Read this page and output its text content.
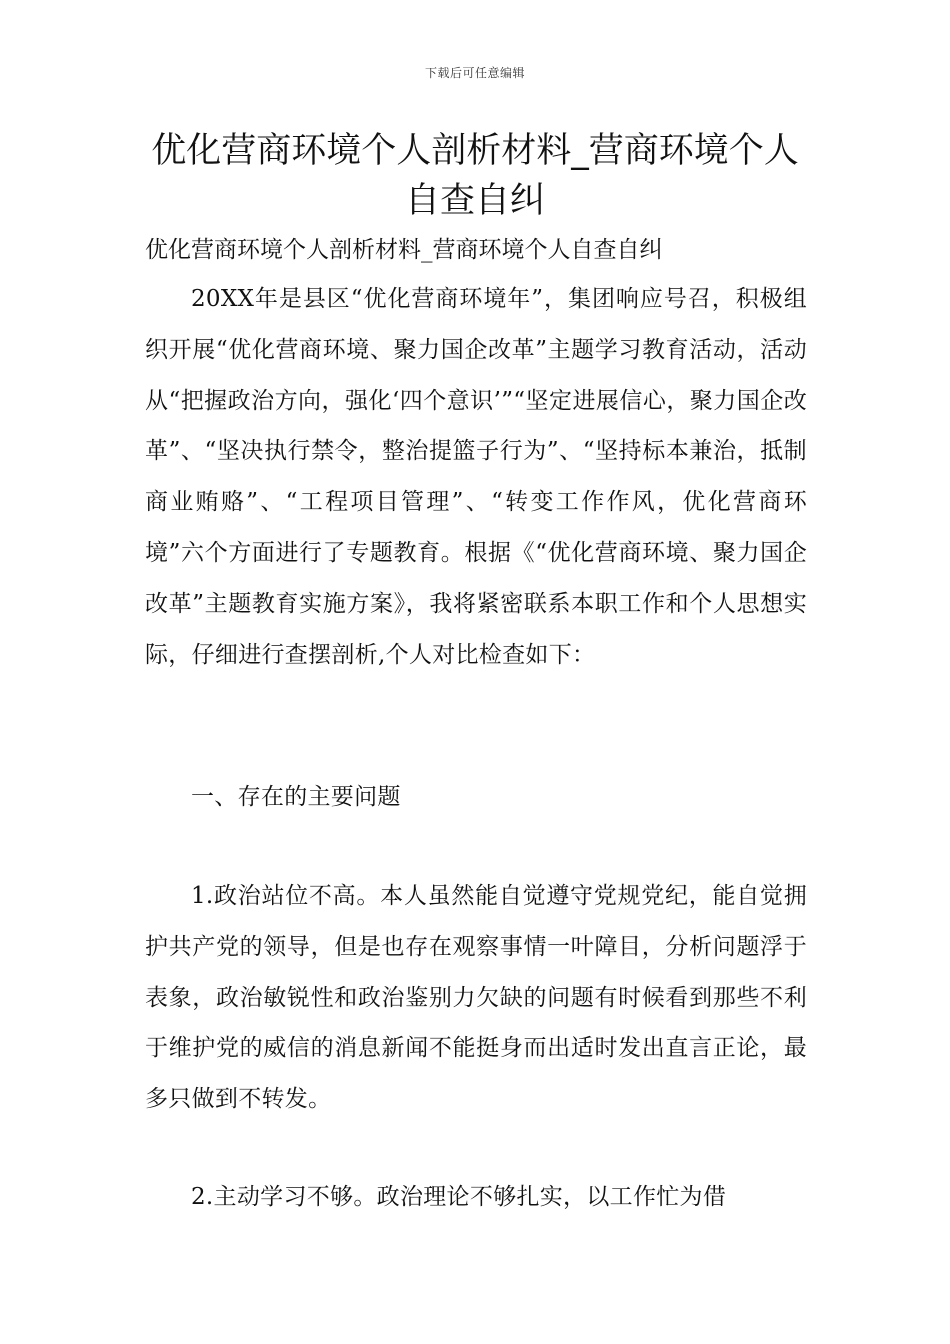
下载后可任意编辑
优化营商环境个人剖析材料_营商环境个人自查自纠
优化营商环境个人剖析材料_营商环境个人自查自纠

20XX年是县区“优化营商环境年”，集团响应号召，积极组织开展“优化营商环境、聚力国企改革”主题学习教育活动，活动从“把握政治方向，强化‘四个意识’”“坚定进展信心，聚力国企改革”、“坚决执行禁令，整治提篮子行为”、“坚持标本兼治，抵制商业贿赂”、“工程项目管理”、“转变工作作风，优化营商环境”六个方面进行了专题教育。根据《“优化营商环境、聚力国企改革”主题教育实施方案》，我将紧密联系本职工作和个人思想实际，仔细进行查摆剖析,个人对比检查如下：

一、存在的主要问题

1.政治站位不高。本人虽然能自觉遵守党规党纪，能自觉拥护共产党的领导，但是也存在观察事情一叶障目，分析问题浮于表象，政治敏锐性和政治鉴别力欠缺的问题有时候看到那些不利于维护党的威信的消息新闻不能挺身而出适时发出直言正论，最多只做到不转发。

2.主动学习不够。政治理论不够扎实，以工作忙为借
